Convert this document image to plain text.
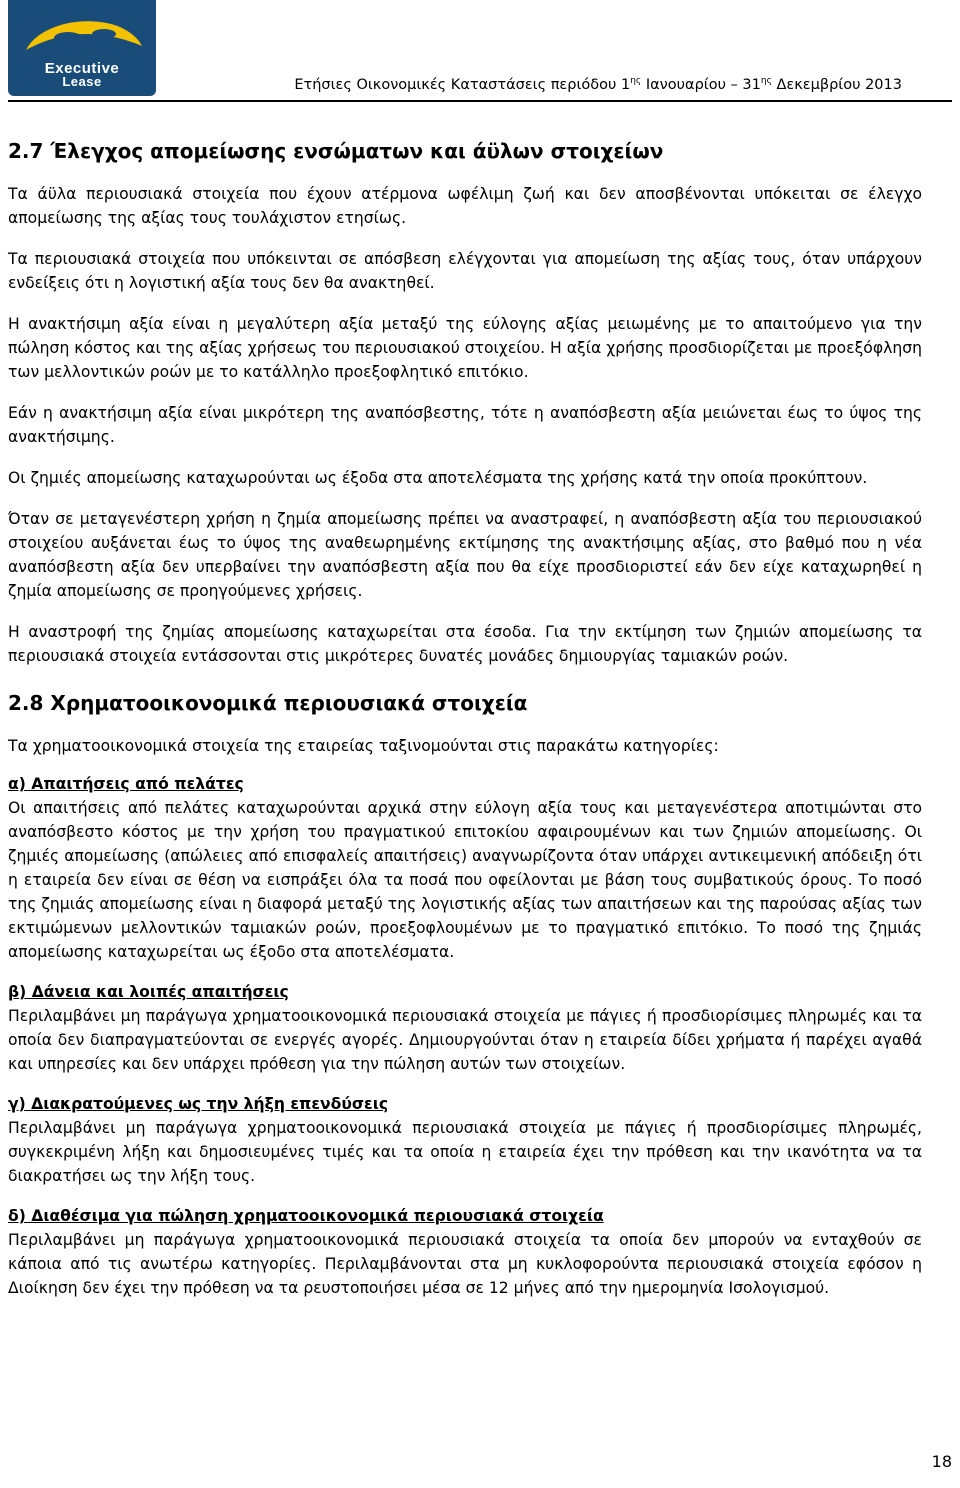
Executive
Lease	Ετήσιες Οικονομικές Καταστάσεις περιόδου $1^{\eta\varsigma}$ Ιανουαρίου – $31^{\eta\varsigma}$ Δεκεμβρίου 2013
2.7 Έλεγχος απομείωσης ενσώματων και άϋλων στοιχείων

Τα άϋλα περιουσιακά στοιχεία που έχουν ατέρμονα ωφέλιμη ζωή και δεν αποσβένονται υπόκειται σε έλεγχο απομείωσης της αξίας τους τουλάχιστον ετησίως.

Τα περιουσιακά στοιχεία που υπόκεινται σε απόσβεση ελέγχονται για απομείωση της αξίας τους, όταν υπάρχουν ενδείξεις ότι η λογιστική αξία τους δεν θα ανακτηθεί.

Η ανακτήσιμη αξία είναι η μεγαλύτερη αξία μεταξύ της εύλογης αξίας μειωμένης με το απαιτούμενο για την πώληση κόστος και της αξίας χρήσεως του περιουσιακού στοιχείου. Η αξία χρήσης προσδιορίζεται με προεξόφληση των μελλοντικών ροών με το κατάλληλο προεξοφλητικό επιτόκιο.

Εάν η ανακτήσιμη αξία είναι μικρότερη της αναπόσβεστης, τότε η αναπόσβεστη αξία μειώνεται έως το ύψος της ανακτήσιμης.

Οι ζημιές απομείωσης καταχωρούνται ως έξοδα στα αποτελέσματα της χρήσης κατά την οποία προκύπτουν.

Όταν σε μεταγενέστερη χρήση η ζημία απομείωσης πρέπει να αναστραφεί, η αναπόσβεστη αξία του περιουσιακού στοιχείου αυξάνεται έως το ύψος της αναθεωρημένης εκτίμησης της ανακτήσιμης αξίας, στο βαθμό που η νέα αναπόσβεστη αξία δεν υπερβαίνει την αναπόσβεστη αξία που θα είχε προσδιοριστεί εάν δεν είχε καταχωρηθεί η ζημία απομείωσης σε προηγούμενες χρήσεις.

Η αναστροφή της ζημίας απομείωσης καταχωρείται στα έσοδα. Για την εκτίμηση των ζημιών απομείωσης τα περιουσιακά στοιχεία εντάσσονται στις μικρότερες δυνατές μονάδες δημιουργίας ταμιακών ροών.

2.8 Χρηματοοικονομικά περιουσιακά στοιχεία

Τα χρηματοοικονομικά στοιχεία της εταιρείας ταξινομούνται στις παρακάτω κατηγορίες:

α) Απαιτήσεις από πελάτες

Οι απαιτήσεις από πελάτες καταχωρούνται αρχικά στην εύλογη αξία τους και μεταγενέστερα αποτιμώνται στο αναπόσβεστο κόστος με την χρήση του πραγματικού επιτοκίου αφαιρουμένων και των ζημιών απομείωσης. Οι ζημιές απομείωσης (απώλειες από επισφαλείς απαιτήσεις) αναγνωρίζοντα όταν υπάρχει αντικειμενική απόδειξη ότι η εταιρεία δεν είναι σε θέση να εισπράξει όλα τα ποσά που οφείλονται με βάση τους συμβατικούς όρους. Το ποσό της ζημιάς απομείωσης είναι η διαφορά μεταξύ της λογιστικής αξίας των απαιτήσεων και της παρούσας αξίας των εκτιμώμενων μελλοντικών ταμιακών ροών, προεξοφλουμένων με το πραγματικό επιτόκιο. Το ποσό της ζημιάς απομείωσης καταχωρείται ως έξοδο στα αποτελέσματα.

β) Δάνεια και λοιπές απαιτήσεις

Περιλαμβάνει μη παράγωγα χρηματοοικονομικά περιουσιακά στοιχεία με πάγιες ή προσδιορίσιμες πληρωμές και τα οποία δεν διαπραγματεύονται σε ενεργές αγορές. Δημιουργούνται όταν η εταιρεία δίδει χρήματα ή παρέχει αγαθά και υπηρεσίες και δεν υπάρχει πρόθεση για την πώληση αυτών των στοιχείων.

γ) Διακρατούμενες ως την λήξη επενδύσεις

Περιλαμβάνει μη παράγωγα χρηματοοικονομικά περιουσιακά στοιχεία με πάγιες ή προσδιορίσιμες πληρωμές, συγκεκριμένη λήξη και δημοσιευμένες τιμές και τα οποία η εταιρεία έχει την πρόθεση και την ικανότητα να τα διακρατήσει ως την λήξη τους.

δ) Διαθέσιμα για πώληση χρηματοοικονομικά περιουσιακά στοιχεία

Περιλαμβάνει μη παράγωγα χρηματοοικονομικά περιουσιακά στοιχεία τα οποία δεν μπορούν να ενταχθούν σε κάποια από τις ανωτέρω κατηγορίες. Περιλαμβάνονται στα μη κυκλοφορούντα περιουσιακά στοιχεία εφόσον η Διοίκηση δεν έχει την πρόθεση να τα ρευστοποιήσει μέσα σε 12 μήνες από την ημερομηνία Ισολογισμού.

18
